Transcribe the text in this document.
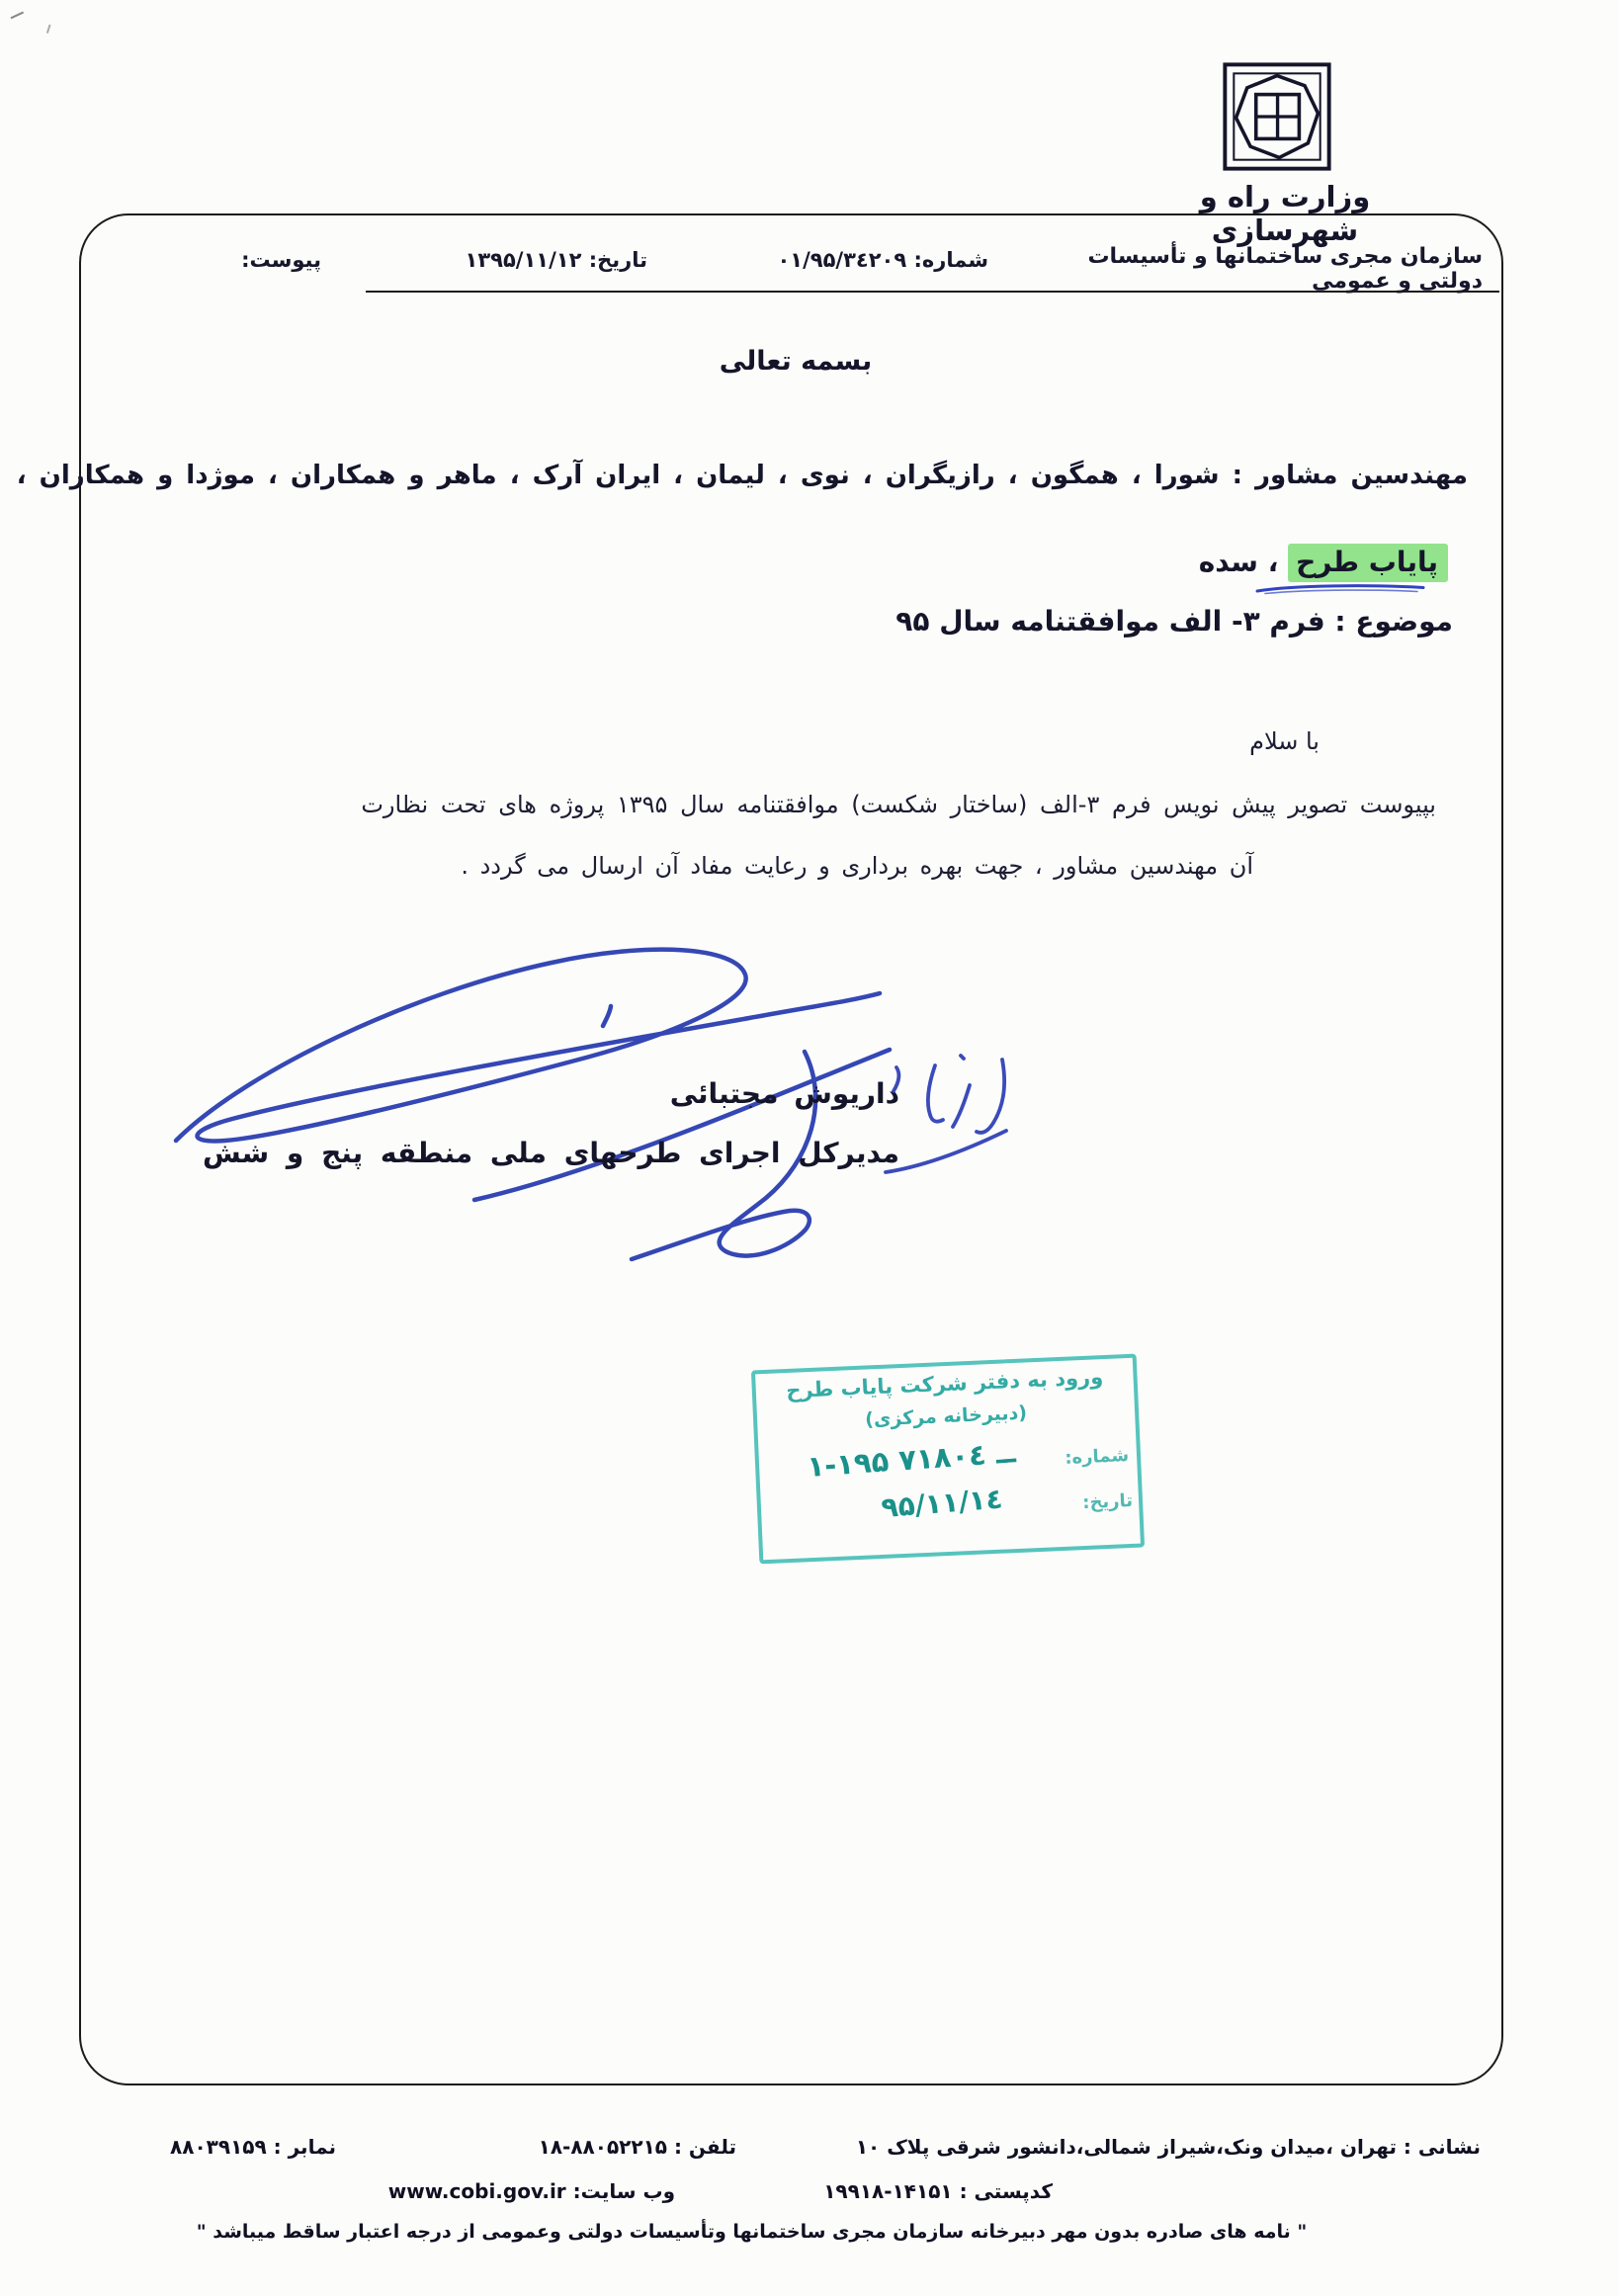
وزارت راه و شهرسازی
سازمان مجری ساختمانها و تأسیسات دولتی و عمومی
شماره: ۰۱/۹۵/۳٤۲۰۹
تاریخ: ۱۳۹۵/۱۱/۱۲
پیوست:
بسمه تعالی
مهندسین مشاور : شورا ، همگون ، رازیگران ، نوی ، لیمان ، ایران آرک ، ماهر و همکاران ، موژدا و همکاران ،
پایاب طرح ، سده
موضوع : فرم ۳- الف موافقتنامه سال ۹۵
با سلام
بپیوست تصویر پیش نویس فرم ۳-الف (ساختار شکست) موافقتنامه سال ۱۳۹۵ پروژه های تحت نظارت
آن مهندسین مشاور ، جهت بهره برداری و رعایت مفاد آن ارسال می گردد .
داریوش مجتبائی
مدیرکل اجرای طرحهای ملی منطقه پنج و شش
ورود به دفتر شرکت پایاب طرح
(دبیرخانه مرکزی)
شماره:
۱-۱۹۵ ــ ۷۱۸۰٤
تاریخ:
۹۵/۱۱/۱٤
نشانی : تهران ،میدان ونک،شیراز شمالی،دانشور شرقی پلاک ۱۰
تلفن : ۸۸۰۵۲۲۱۵-۱۸
نمابر : ۸۸۰۳۹۱۵۹
کدپستی : ۱۴۱۵۱-۱۹۹۱۸
وب سایت: www.cobi.gov.ir
" نامه های صادره بدون مهر دبیرخانه سازمان مجری ساختمانها وتأسیسات دولتی وعمومی از درجه اعتبار ساقط میباشد "
